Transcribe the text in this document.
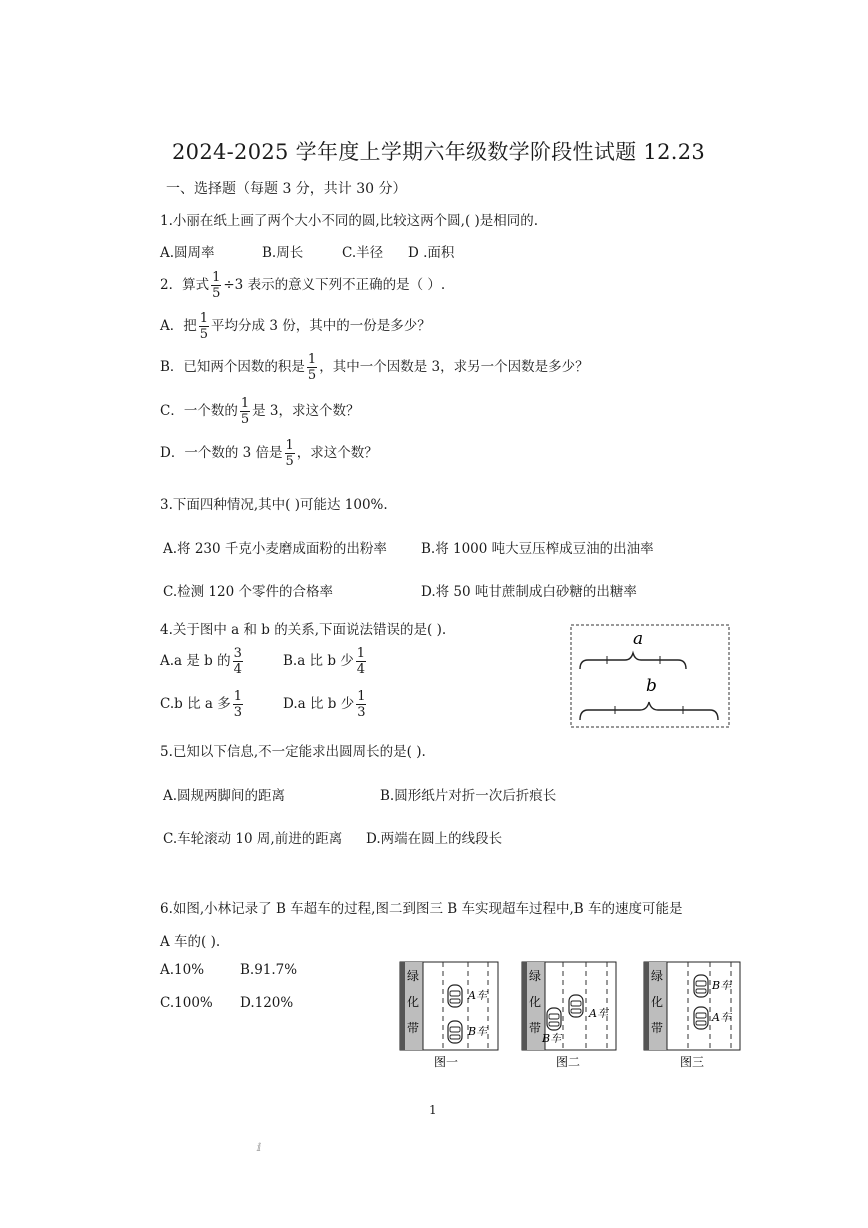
2024-2025 学年度上学期六年级数学阶段性试题 12.23
一、选择题（每题 3 分，共计 30 分）
1.小丽在纸上画了两个大小不同的圆,比较这两个圆,( )是相同的.
A.圆周率	B.周长	C.半径 D .面积
2．算式 $\frac{1}{5} \div 3$ 表示的意义下列不正确的是（ ）.
A．把 $\frac{1}{5}$ 平均分成 3 份，其中的一份是多少？
B．已知两个因数的积是 $\frac{1}{5}$ ，其中一个因数是 3，求另一个因数是多少？
C．一个数的 $\frac{1}{5}$ 是 3，求这个数？
D．一个数的 3 倍是 $\frac{1}{5}$ ，求这个数？
3.下面四种情况,其中( )可能达 100%.
A.将 230 千克小麦磨成面粉的出粉率	B.将 1000 吨大豆压榨成豆油的出油率
C.检测 120 个零件的合格率	D.将 50 吨甘蔗制成白砂糖的出糖率
4.关于图中 a 和 b 的关系,下面说法错误的是( ).
A.a 是 b 的 $\frac{3}{4}$	B.a 比 b 少 $\frac{1}{4}$
C.b 比 a 多 $\frac{1}{3}$	D.a 比 b 少 $\frac{1}{3}$
a
b
5.已知以下信息,不一定能求出圆周长的是( ).
A.圆规两脚间的距离	B.圆形纸片对折一次后折痕长
C.车轮滚动 10 周,前进的距离 D.两端在圆上的线段长
6.如图,小林记录了 B 车超车的过程,图二到图三 B 车实现超车过程中,B 车的速度可能是
A 车的( ).
A.10%	B.91.7%
C.100% D.120%
绿
化
带
A车
B车
图一
绿
化
带
A车
B车
图二
绿
化
带
B车
A车
图三
1
ⅈ
